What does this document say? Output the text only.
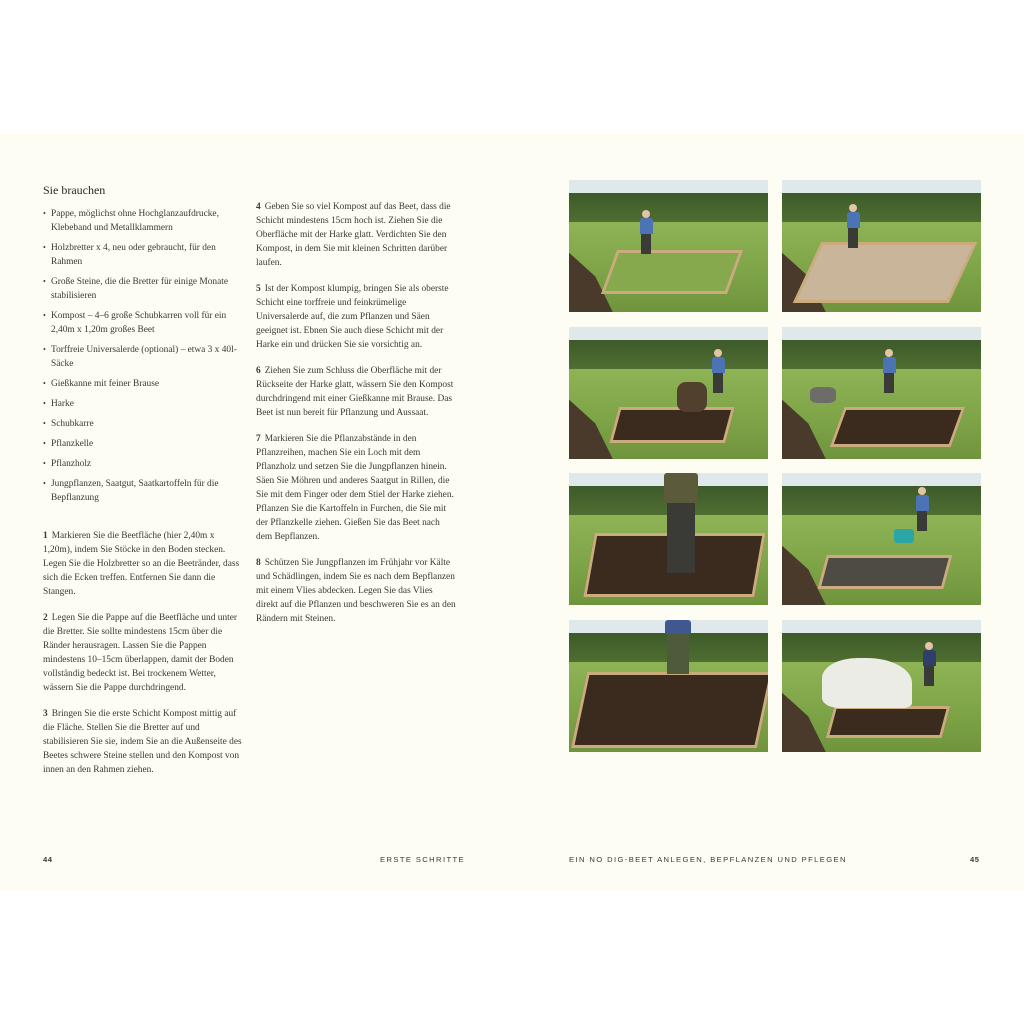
Sie brauchen
• Pappe, möglichst ohne Hochglanzaufdrucke, Klebeband und Metallklammern
• Holzbretter x 4, neu oder gebraucht, für den Rahmen
• Große Steine, die die Bretter für einige Monate stabilisieren
• Kompost – 4–6 große Schubkarren voll für ein 2,40m x 1,20m großes Beet
• Torffreie Universalerde (optional) – etwa 3 x 40l-Säcke
• Gießkanne mit feiner Brause
• Harke
• Schubkarre
• Pflanzkelle
• Pflanzholz
• Jungpflanzen, Saatgut, Saatkartoffeln für die Bepflanzung

1 Markieren Sie die Beetfläche (hier 2,40m x 1,20m), indem Sie Stöcke in den Boden stecken. Legen Sie die Holzbretter so an die Beetränder, dass sich die Ecken treffen. Entfernen Sie dann die Stangen.

2 Legen Sie die Pappe auf die Beetfläche und unter die Bretter. Sie sollte mindestens 15cm über die Ränder herausragen. Lassen Sie die Pappen mindestens 10–15cm überlappen, damit der Boden vollständig bedeckt ist. Bei trockenem Wetter, wässern Sie die Pappe durchdringend.

3 Bringen Sie die erste Schicht Kompost mittig auf die Fläche. Stellen Sie die Bretter auf und stabilisieren Sie sie, indem Sie an die Außenseite des Beetes schwere Steine stellen und den Kompost von innen an den Rahmen ziehen.

4 Geben Sie so viel Kompost auf das Beet, dass die Schicht mindestens 15cm hoch ist. Ziehen Sie die Oberfläche mit der Harke glatt. Verdichten Sie den Kompost, in dem Sie mit kleinen Schritten darüber laufen.

5 Ist der Kompost klumpig, bringen Sie als oberste Schicht eine torffreie und feinkrümelige Universalerde auf, die zum Pflanzen und Säen geeignet ist. Ebnen Sie auch diese Schicht mit der Harke ein und drücken Sie sie vorsichtig an.

6 Ziehen Sie zum Schluss die Oberfläche mit der Rückseite der Harke glatt, wässern Sie den Kompost durchdringend mit einer Gießkanne mit Brause. Das Beet ist nun bereit für Pflanzung und Aussaat.

7 Markieren Sie die Pflanzabstände in den Pflanzreihen, machen Sie ein Loch mit dem Pflanzholz und setzen Sie die Jungpflanzen hinein. Säen Sie Möhren und anderes Saatgut in Rillen, die Sie mit dem Finger oder dem Stiel der Harke ziehen. Pflanzen Sie die Kartoffeln in Furchen, die Sie mit der Pflanzkelle ziehen. Gießen Sie das Beet nach dem Bepflanzen.

8 Schützen Sie Jungpflanzen im Frühjahr vor Kälte und Schädlingen, indem Sie es nach dem Bepflanzen mit einem Vlies abdecken. Legen Sie das Vlies direkt auf die Pflanzen und beschweren Sie es an den Rändern mit Steinen.

44	ERSTE SCHRITTE	EIN NO DIG-BEET ANLEGEN, BEPFLANZEN UND PFLEGEN	45
